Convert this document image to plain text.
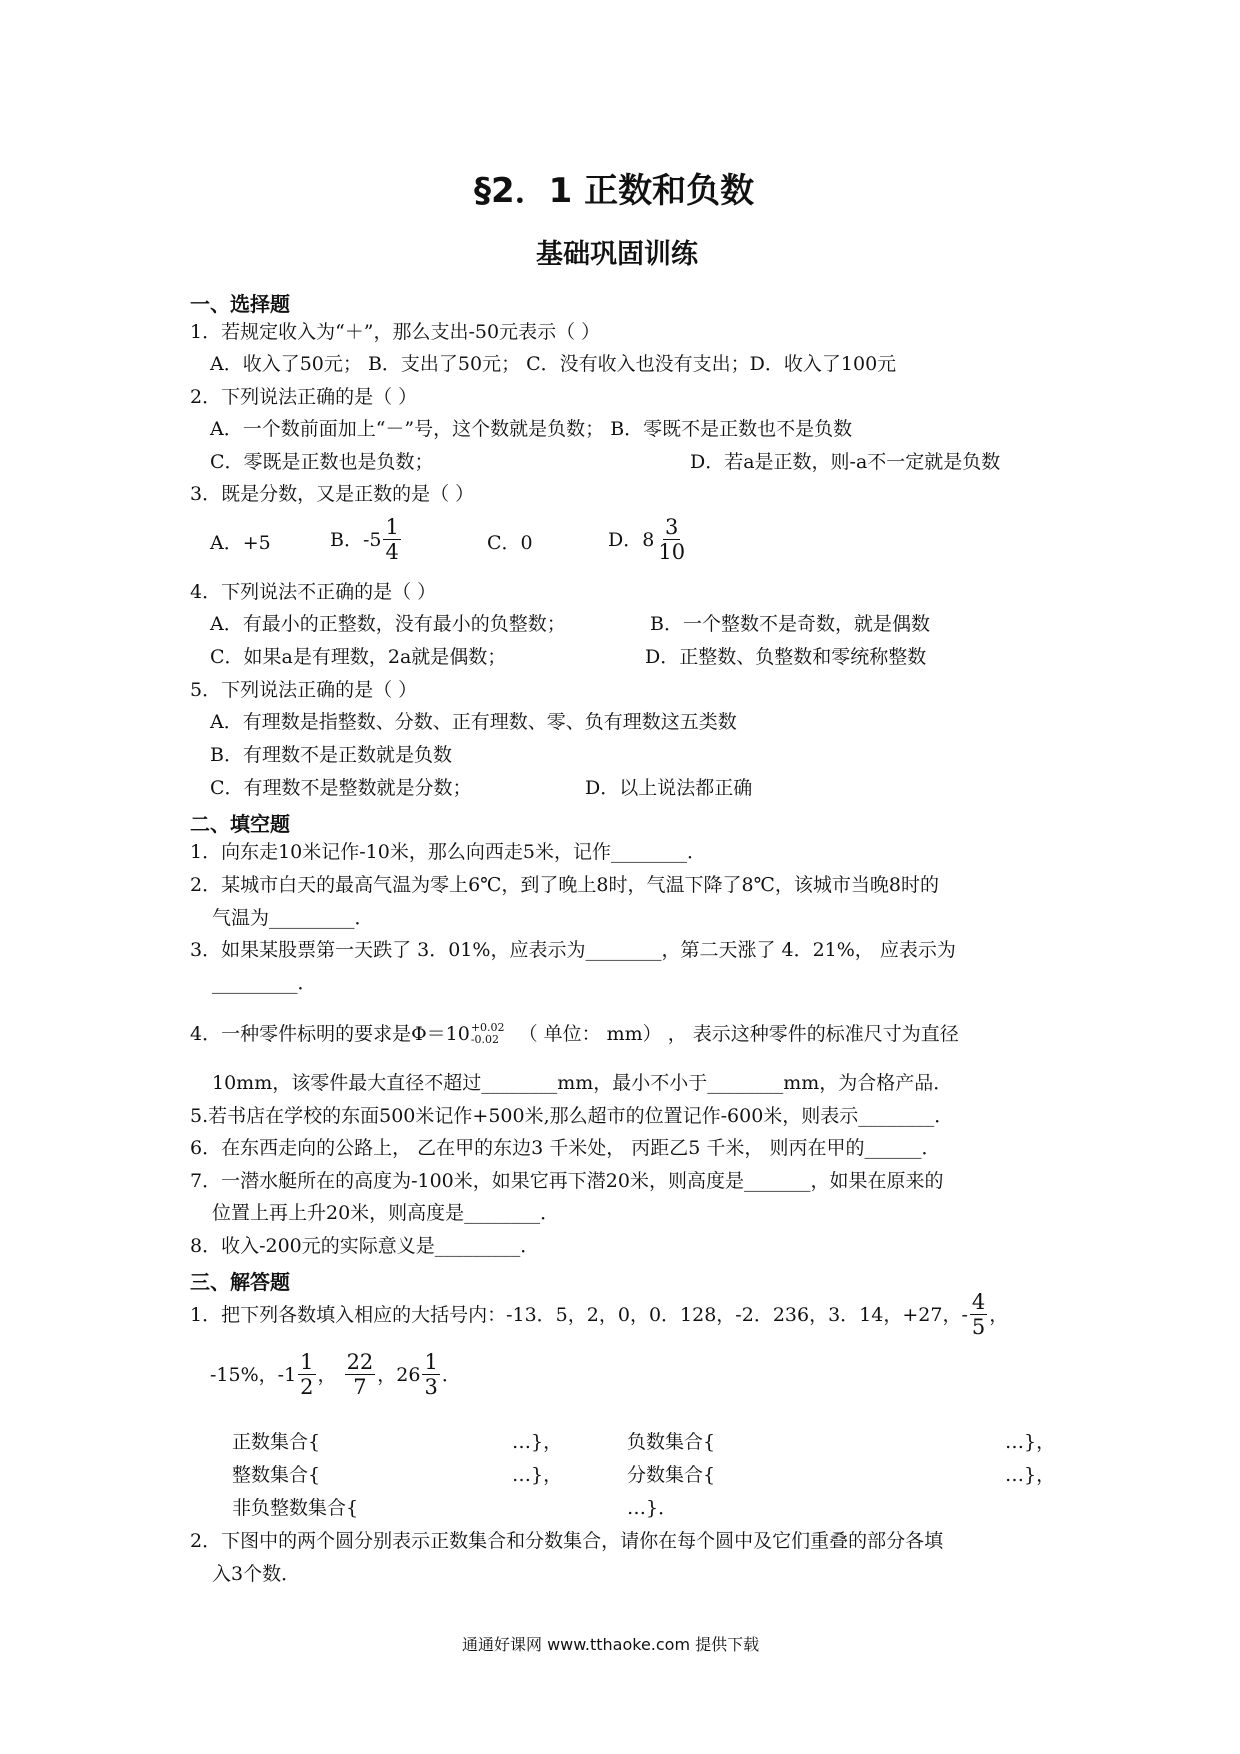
§2．1 正数和负数
基础巩固训练
一、选择题
1．若规定收入为“＋”，那么支出-50元表示（ ）
A．收入了50元； B．支出了50元； C．没有收入也没有支出；D．收入了100元
2．下列说法正确的是（ ）
A．一个数前面加上“－”号，这个数就是负数； B．零既不是正数也不是负数
C．零既是正数也是负数；	D．若a是正数，则-a不一定就是负数
3．既是分数，又是正数的是（ ）
A．+5	B．$-5 \frac{1}{4}$	C．0	D．$8 \frac{3}{10}$
4．下列说法不正确的是（ ）
A．有最小的正整数，没有最小的负整数；	B．一个整数不是奇数，就是偶数
C．如果a是有理数，2a就是偶数；	D．正整数、负整数和零统称整数
5．下列说法正确的是（ ）
A．有理数是指整数、分数、正有理数、零、负有理数这五类数
B．有理数不是正数就是负数
C．有理数不是整数就是分数；	D．以上说法都正确
二、填空题
1．向东走10米记作-10米，那么向西走5米，记作________．
2．某城市白天的最高气温为零上6℃，到了晚上8时，气温下降了8℃，该城市当晚8时的
气温为_________．
3．如果某股票第一天跌了 3．01%，应表示为________，第二天涨了 4．21%， 应表示为
_________．
4．一种零件标明的要求是Φ＝10 +0.02
-0.02 （ 单位： mm） ， 表示这种零件的标准尺寸为直径
10mm，该零件最大直径不超过________mm，最小不小于________mm，为合格产品．
5.若书店在学校的东面500米记作+500米,那么超市的位置记作-600米，则表示________．
6．在东西走向的公路上， 乙在甲的东边3 千米处， 丙距乙5 千米， 则丙在甲的______．
7．一潜水艇所在的高度为-100米，如果它再下潜20米，则高度是_______，如果在原来的
位置上再上升20米，则高度是________．
8．收入-200元的实际意义是_________．
三、解答题
1．把下列各数填入相应的大括号内：-13．5，2，0，0．128，-2．236，3．14，+27，- $\frac{4}{5}$ ，
-15%，$-1 \frac{1}{2}$ ， $\frac{22}{7}$ ，$26 \frac{1}{3}$ ．
正数集合{	…}，	负数集合{	…}，
整数集合{	…}，	分数集合{	…}，
非负整数集合{	…}．
2．下图中的两个圆分别表示正数集合和分数集合，请你在每个圆中及它们重叠的部分各填
入3个数．
通通好课网 www.tthaoke.com 提供下载
